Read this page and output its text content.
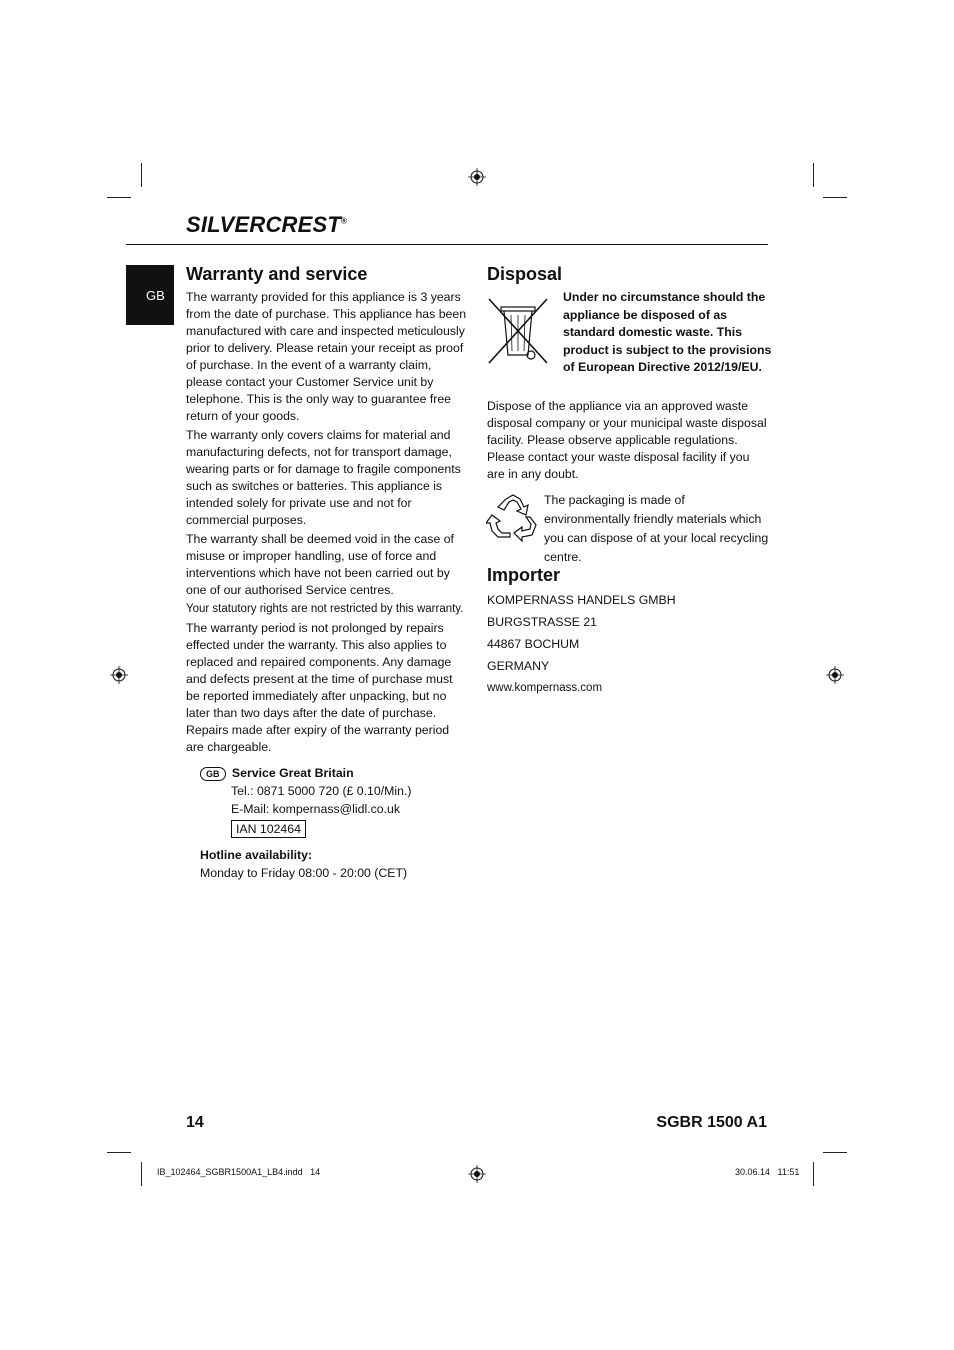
SILVERCREST®
GB
Warranty and service

The warranty provided for this appliance is 3 years from the date of purchase. This appliance has been manufactured with care and inspected meticulously prior to delivery. Please retain your receipt as proof of purchase. In the event of a warranty claim, please contact your Customer Service unit by telephone. This is the only way to guarantee free return of your goods.

The warranty only covers claims for material and manufacturing defects, not for transport damage, wearing parts or for damage to fragile components such as switches or batteries. This appliance is intended solely for private use and not for commercial purposes.

The warranty shall be deemed void in the case of misuse or improper handling, use of force and interventions which have not been carried out by one of our authorised Service centres.

Your statutory rights are not restricted by this warranty.

The warranty period is not prolonged by repairs effected under the warranty. This also applies to replaced and repaired components. Any damage and defects present at the time of purchase must be reported immediately after unpacking, but no later than two days after the date of purchase. Repairs made after expiry of the warranty period are chargeable.

GB Service Great Britain
Tel.: 0871 5000 720 (£ 0.10/Min.)
E-Mail: kompernass@lidl.co.uk
IAN 102464
Hotline availability:
Monday to Friday 08:00 - 20:00 (CET)
Disposal
Under no circumstance should the appliance be disposed of as standard domestic waste. This product is subject to the provisions of European Directive 2012/19/EU.
Dispose of the appliance via an approved waste disposal company or your municipal waste disposal facility. Please observe applicable regulations. Please contact your waste disposal facility if you are in any doubt.
The packaging is made of environmentally friendly materials which you can dispose of at your local recycling centre.
Importer
KOMPERNASS HANDELS GMBH
BURGSTRASSE 21
44867 BOCHUM
GERMANY
www.kompernass.com
14	SGBR 1500 A1
IB_102464_SGBR1500A1_LB4.indd   14	30.06.14   11:51
